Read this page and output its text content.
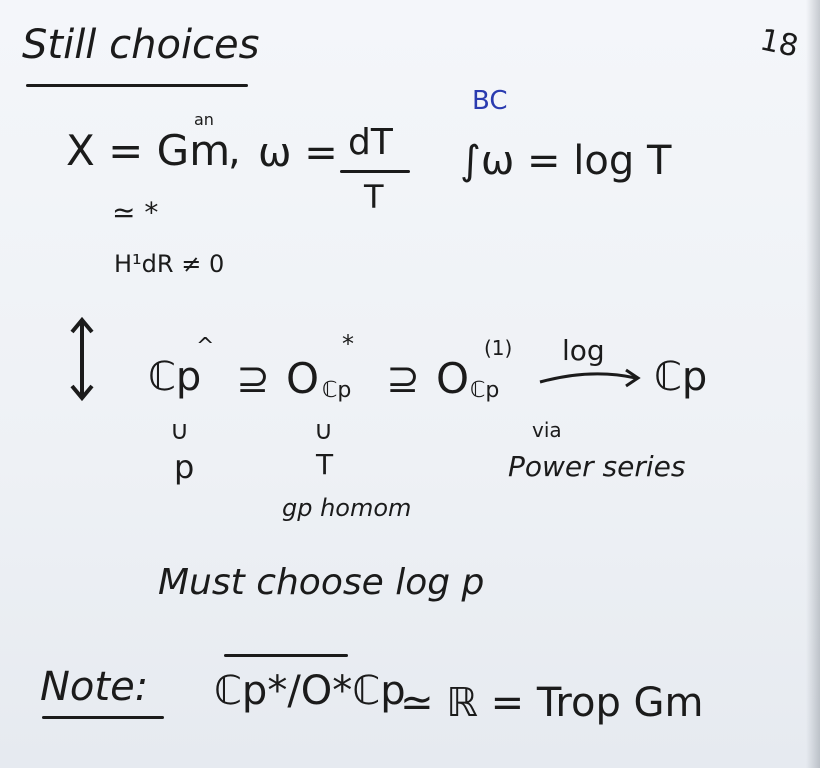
18
Still choices
X = Gm
an
, ω = dT
T
BC
∫ω = log T
≃ *
H¹dR ≠ 0
ℂp
^
⊇ O ℂp
*
⊇ O ℂp
(1) log
ℂp
∪
p
∪
T
via
Power series
gp homom
Must choose log p
Note: ℂp*/O*ℂp
≃ ℝ = Trop Gm
